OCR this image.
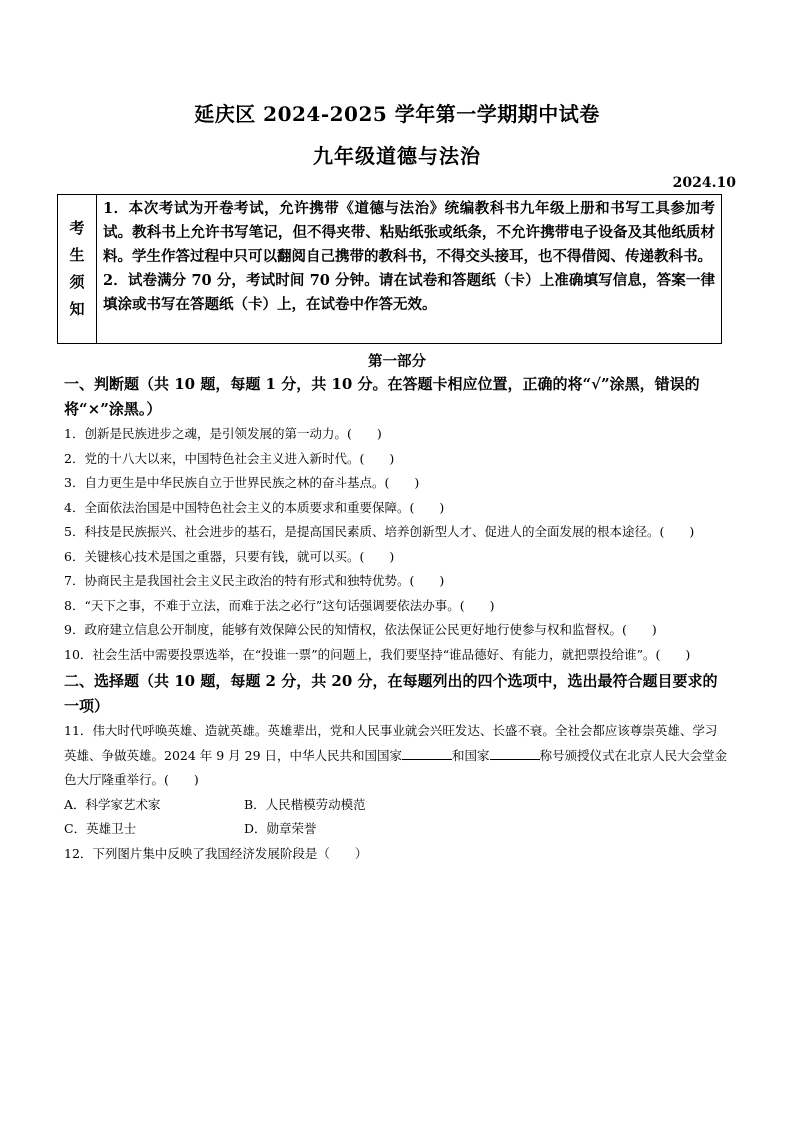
延庆区 2024-2025 学年第一学期期中试卷
九年级道德与法治
2024.10
考
生
须
知

1．本次考试为开卷考试，允许携带《道德与法治》统编教科书九年级上册和书写工具参加考试。教科书上允许书写笔记，但不得夹带、粘贴纸张或纸条，不允许携带电子设备及其他纸质材料。学生作答过程中只可以翻阅自己携带的教科书，不得交头接耳，也不得借阅、传递教科书。

2．试卷满分 70 分，考试时间 70 分钟。请在试卷和答题纸（卡）上准确填写信息，答案一律填涂或书写在答题纸（卡）上，在试卷中作答无效。

第一部分

一、判断题（共 10 题，每题 1 分，共 10 分。在答题卡相应位置，正确的将“√”涂黑，错误的将“×”涂黑。）

1．创新是民族进步之魂，是引领发展的第一动力。(　　)

2．党的十八大以来，中国特色社会主义进入新时代。(　　)

3．自力更生是中华民族自立于世界民族之林的奋斗基点。(　　)

4．全面依法治国是中国特色社会主义的本质要求和重要保障。(　　)

5．科技是民族振兴、社会进步的基石，是提高国民素质、培养创新型人才、促进人的全面发展的根本途径。(　　)

6．关键核心技术是国之重器，只要有钱，就可以买。(　　)

7．协商民主是我国社会主义民主政治的特有形式和独特优势。(　　)

8．“天下之事，不难于立法，而难于法之必行”这句话强调要依法办事。(　　)

9．政府建立信息公开制度，能够有效保障公民的知情权，依法保证公民更好地行使参与权和监督权。(　　)

10．社会生活中需要投票选举，在“投谁一票”的问题上，我们要坚持“谁品德好、有能力，就把票投给谁”。(　　)

二、选择题（共 10 题，每题 2 分，共 20 分，在每题列出的四个选项中，选出最符合题目要求的一项）

11．伟大时代呼唤英雄、造就英雄。英雄辈出，党和人民事业就会兴旺发达、长盛不衰。全社会都应该尊崇英雄、学习英雄、争做英雄。2024 年 9 月 29 日，中华人民共和国国家	和国家	称号颁授仪式在北京人民大会堂金色大厅隆重举行。(　　)

A．科学家艺术家	B．人民楷模劳动模范
C．英雄卫士	D．勋章荣誉

12．下列图片集中反映了我国经济发展阶段是（　　）
